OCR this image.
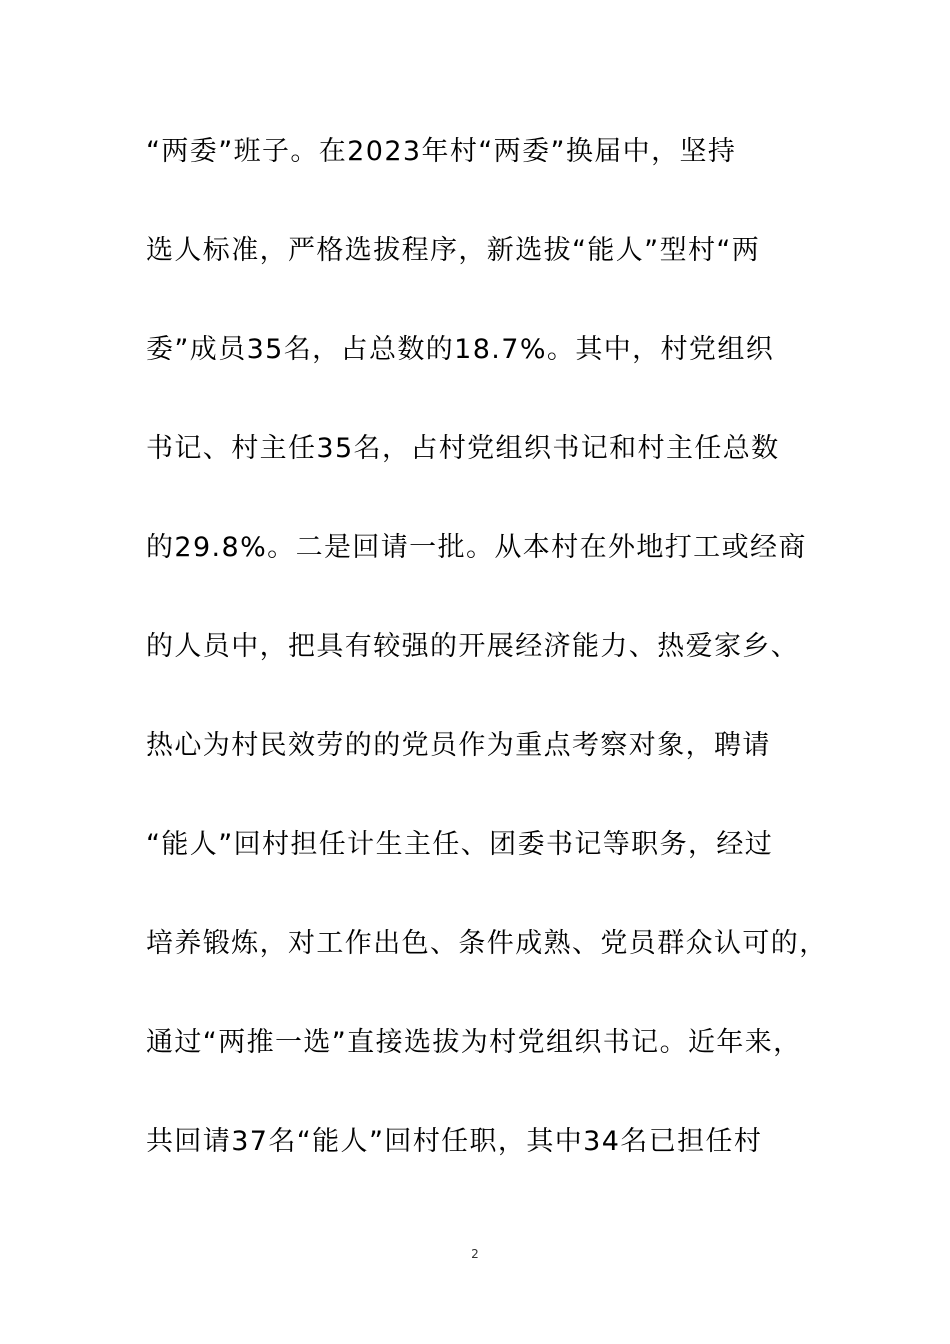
“两委”班子。在2023年村“两委”换届中，坚持
选人标准，严格选拔程序，新选拔“能人”型村“两
委”成员35名，占总数的18.7%。其中，村党组织
书记、村主任35名，占村党组织书记和村主任总数
的29.8%。二是回请一批。从本村在外地打工或经商
的人员中，把具有较强的开展经济能力、热爱家乡、
热心为村民效劳的的党员作为重点考察对象，聘请
“能人”回村担任计生主任、团委书记等职务，经过
培养锻炼，对工作出色、条件成熟、党员群众认可的，
通过“两推一选”直接选拔为村党组织书记。近年来，
共回请37名“能人”回村任职，其中34名已担任村
2
